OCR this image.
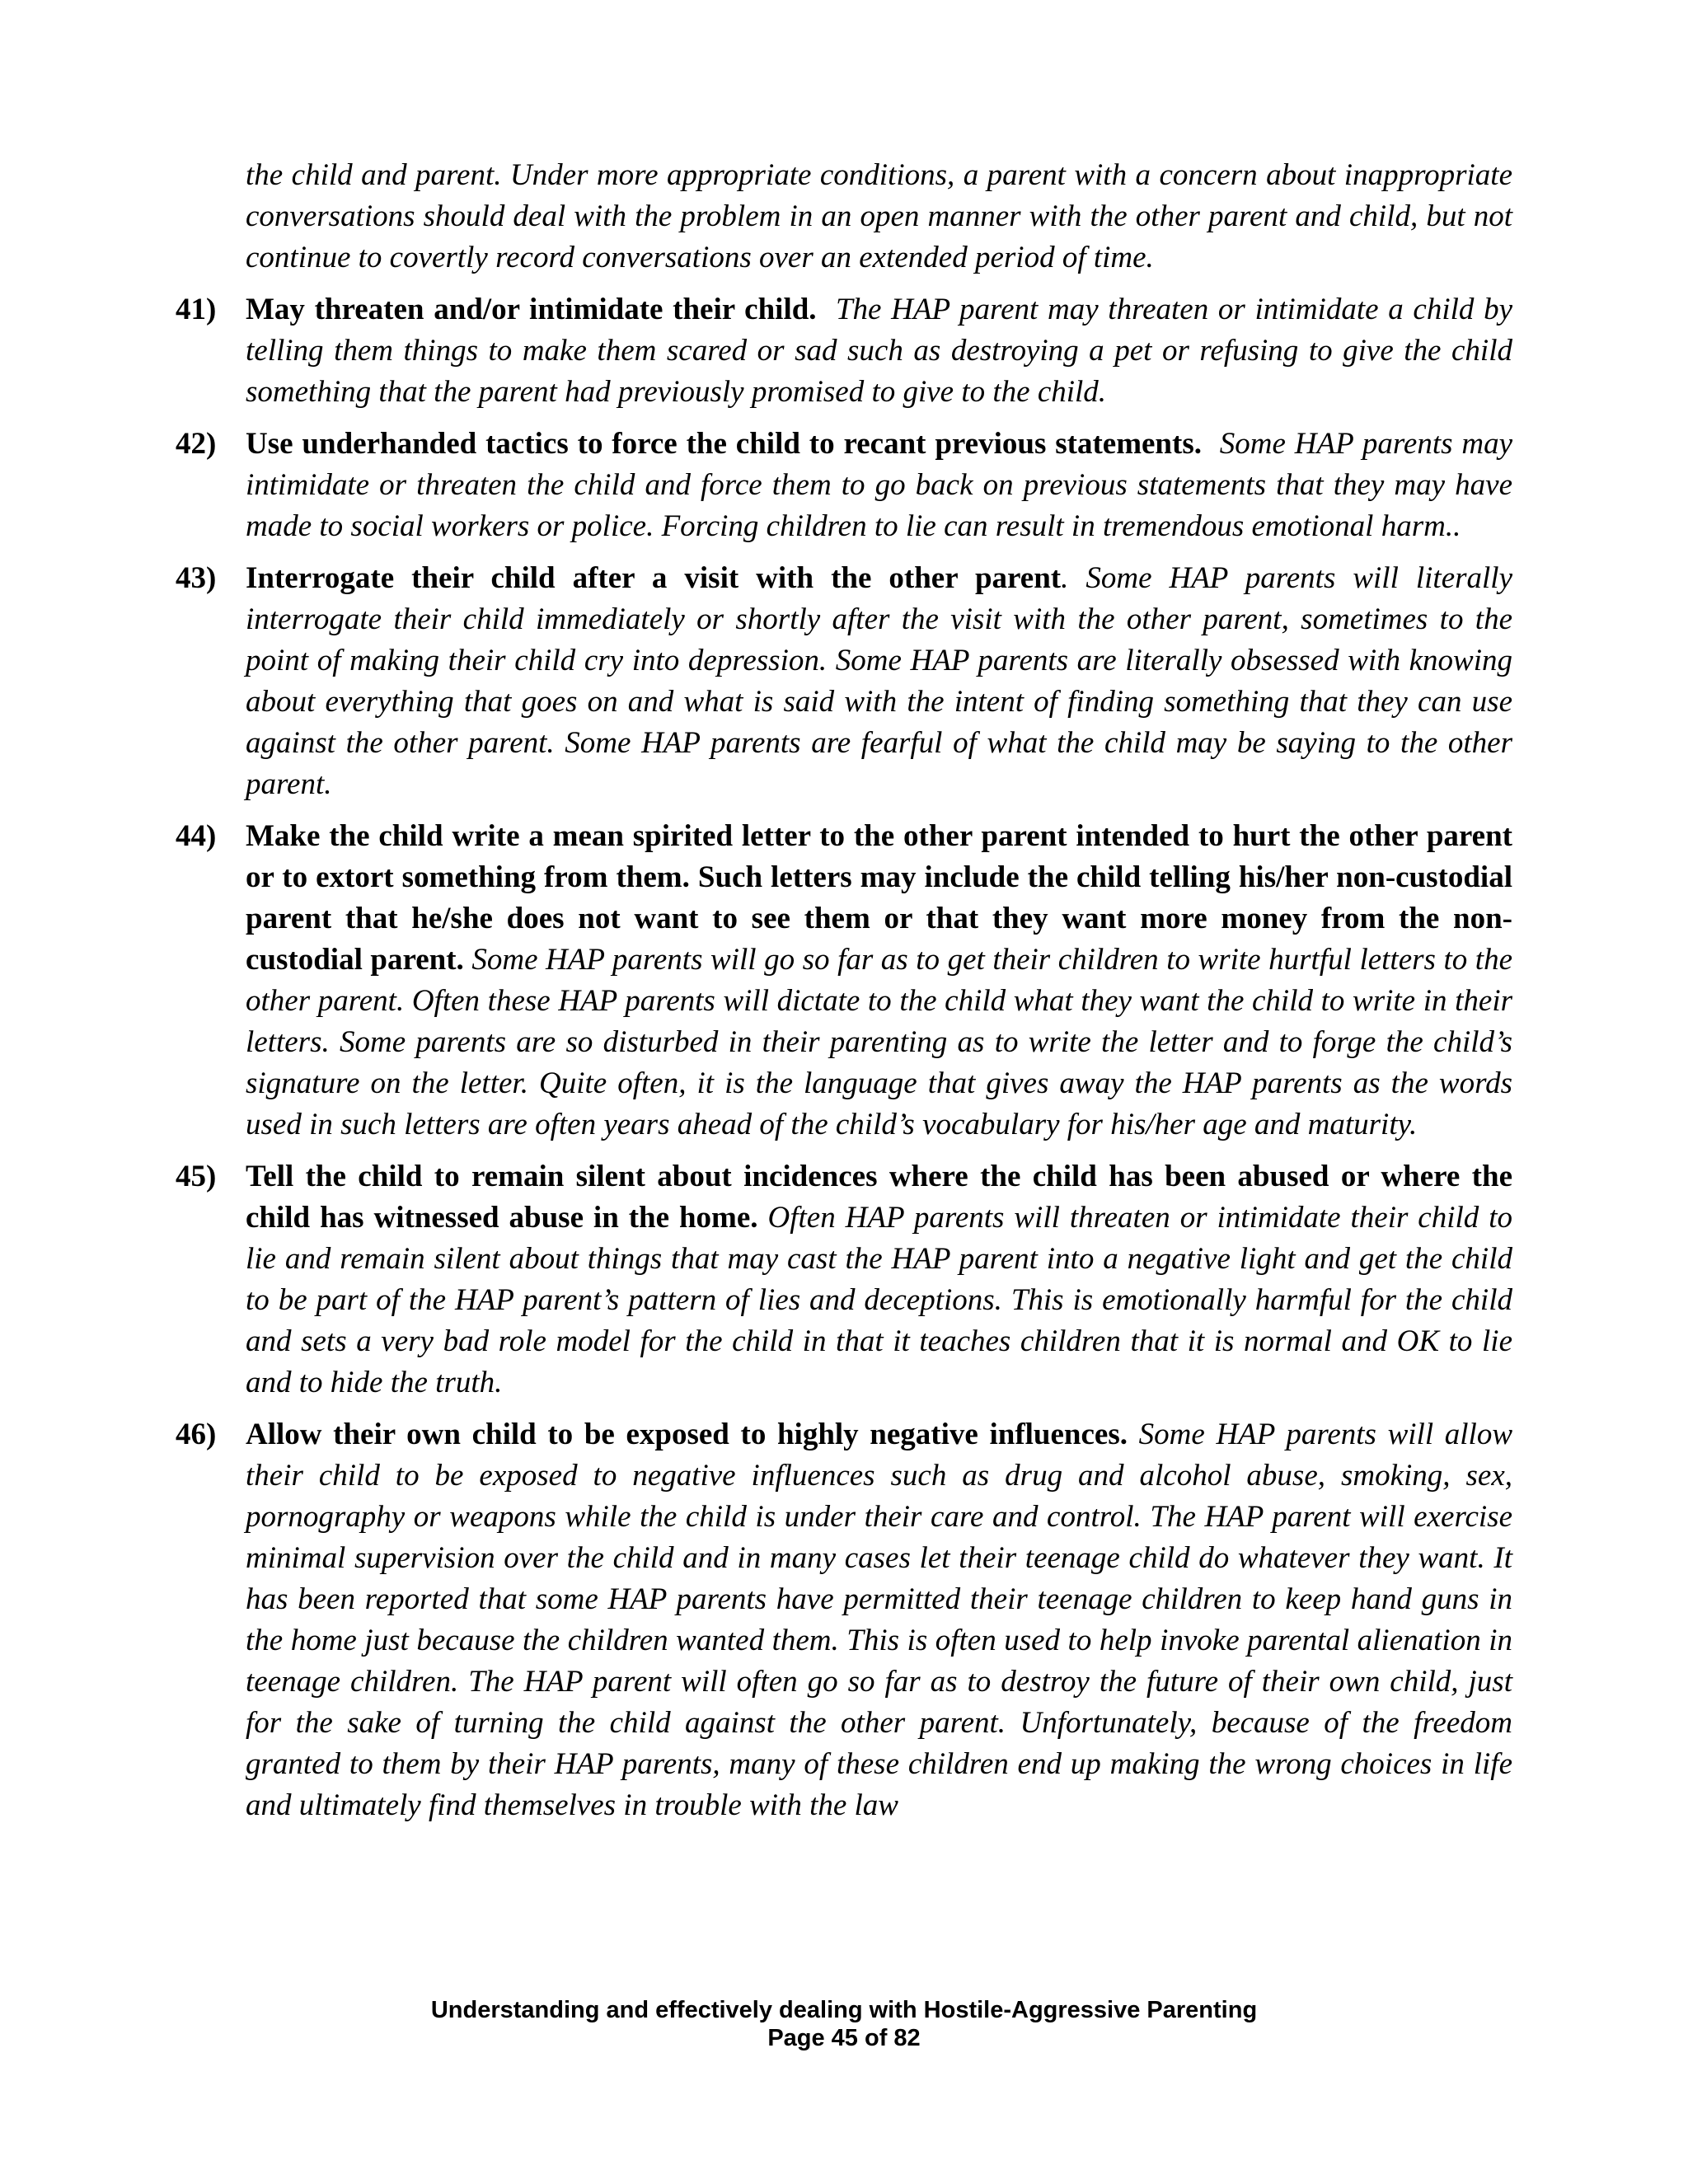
the child and parent. Under more appropriate conditions, a parent with a concern about inappropriate conversations should deal with the problem in an open manner with the other parent and child, but not continue to covertly record conversations over an extended period of time.

41) May threaten and/or intimidate their child. The HAP parent may threaten or intimidate a child by telling them things to make them scared or sad such as destroying a pet or refusing to give the child something that the parent had previously promised to give to the child.
42) Use underhanded tactics to force the child to recant previous statements. Some HAP parents may intimidate or threaten the child and force them to go back on previous statements that they may have made to social workers or police. Forcing children to lie can result in tremendous emotional harm..
43) Interrogate their child after a visit with the other parent. Some HAP parents will literally interrogate their child immediately or shortly after the visit with the other parent, sometimes to the point of making their child cry into depression. Some HAP parents are literally obsessed with knowing about everything that goes on and what is said with the intent of finding something that they can use against the other parent. Some HAP parents are fearful of what the child may be saying to the other parent.
44) Make the child write a mean spirited letter to the other parent intended to hurt the other parent or to extort something from them. Such letters may include the child telling his/her non-custodial parent that he/she does not want to see them or that they want more money from the non-custodial parent. Some HAP parents will go so far as to get their children to write hurtful letters to the other parent. Often these HAP parents will dictate to the child what they want the child to write in their letters. Some parents are so disturbed in their parenting as to write the letter and to forge the child’s signature on the letter. Quite often, it is the language that gives away the HAP parents as the words used in such letters are often years ahead of the child’s vocabulary for his/her age and maturity.
45) Tell the child to remain silent about incidences where the child has been abused or where the child has witnessed abuse in the home. Often HAP parents will threaten or intimidate their child to lie and remain silent about things that may cast the HAP parent into a negative light and get the child to be part of the HAP parent’s pattern of lies and deceptions. This is emotionally harmful for the child and sets a very bad role model for the child in that it teaches children that it is normal and OK to lie and to hide the truth.
46) Allow their own child to be exposed to highly negative influences. Some HAP parents will allow their child to be exposed to negative influences such as drug and alcohol abuse, smoking, sex, pornography or weapons while the child is under their care and control. The HAP parent will exercise minimal supervision over the child and in many cases let their teenage child do whatever they want. It has been reported that some HAP parents have permitted their teenage children to keep hand guns in the home just because the children wanted them. This is often used to help invoke parental alienation in teenage children. The HAP parent will often go so far as to destroy the future of their own child, just for the sake of turning the child against the other parent. Unfortunately, because of the freedom granted to them by their HAP parents, many of these children end up making the wrong choices in life and ultimately find themselves in trouble with the law
Understanding and effectively dealing with Hostile-Aggressive Parenting
Page 45 of 82
